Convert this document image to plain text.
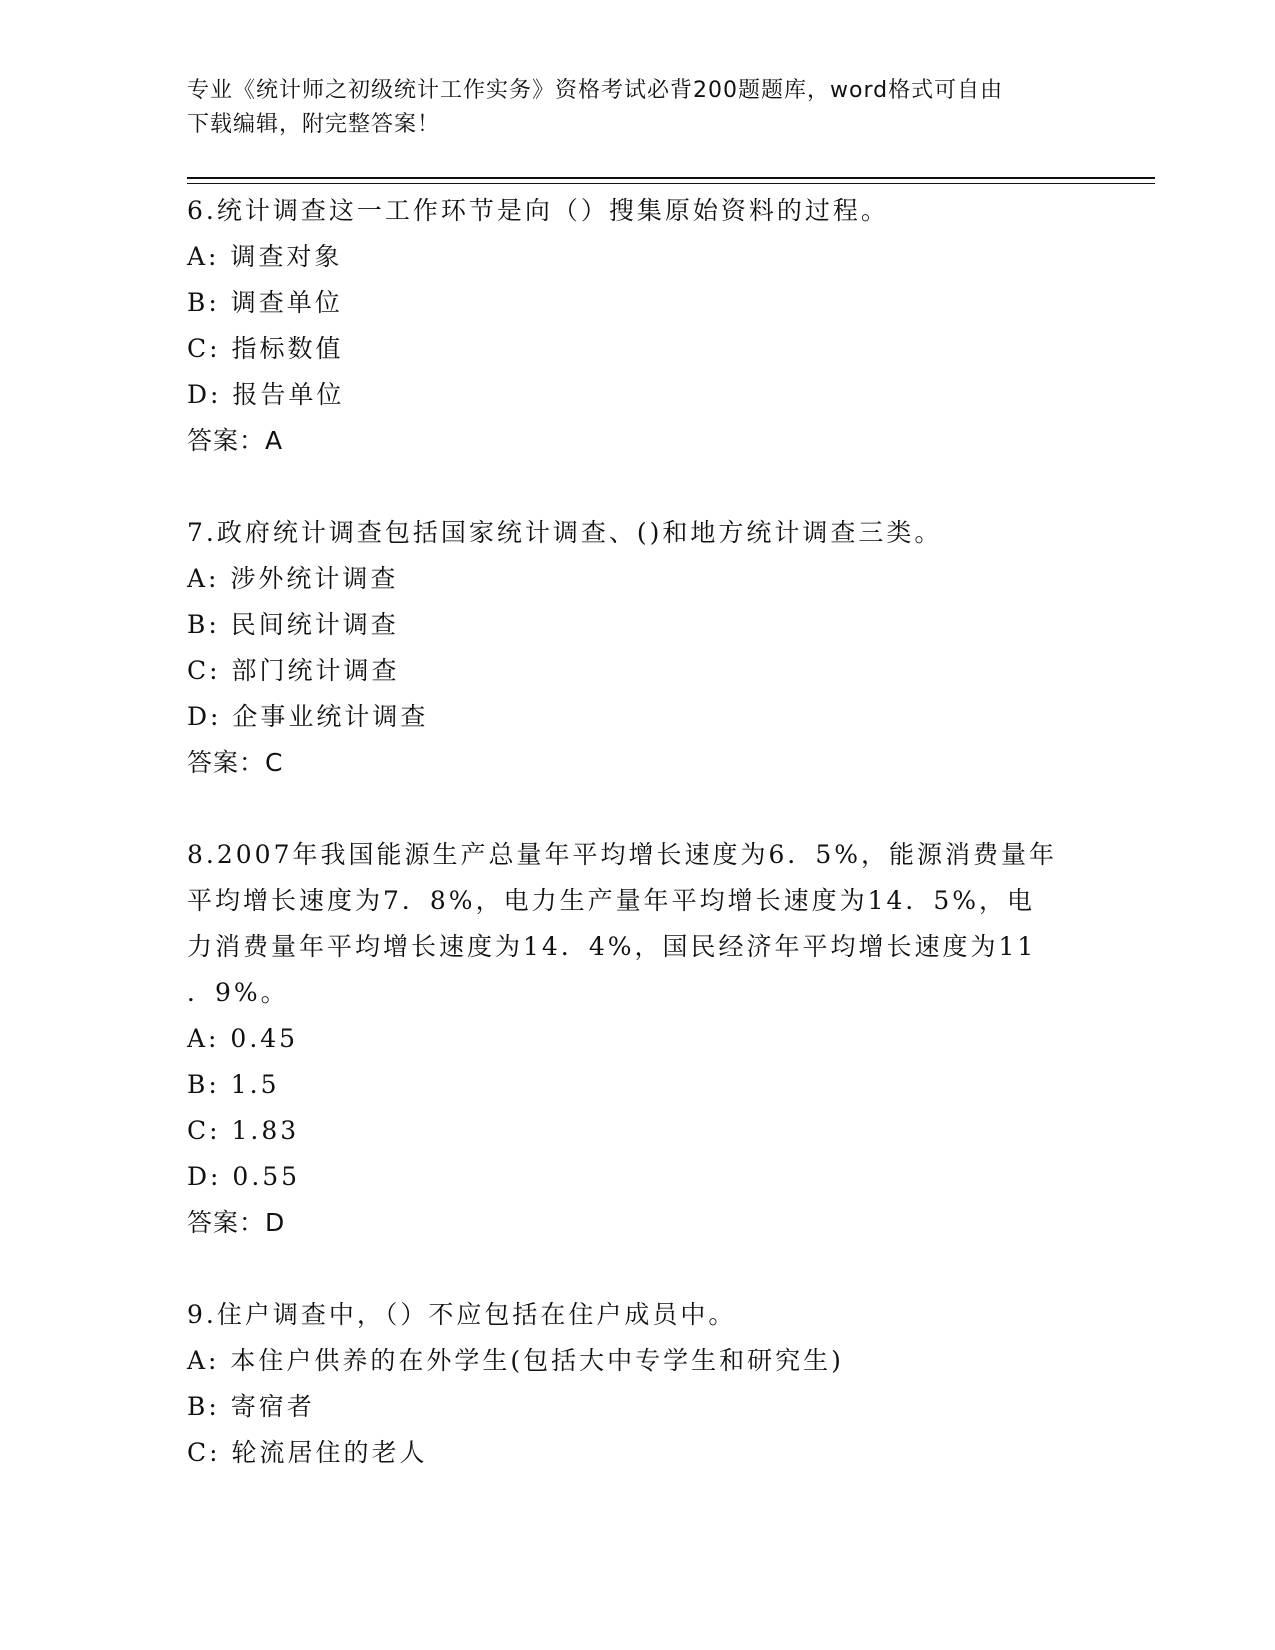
专业《统计师之初级统计工作实务》资格考试必背200题题库，word格式可自由
下载编辑，附完整答案！
6.统计调查这一工作环节是向（）搜集原始资料的过程。
A: 调查对象
B: 调查单位
C: 指标数值
D: 报告单位
答案：A
7.政府统计调查包括国家统计调查、()和地方统计调查三类。
A: 涉外统计调查
B: 民间统计调查
C: 部门统计调查
D: 企事业统计调查
答案：C
8.2007年我国能源生产总量年平均增长速度为6．5%，能源消费量年
平均增长速度为7．8%，电力生产量年平均增长速度为14．5%，电
力消费量年平均增长速度为14．4%，国民经济年平均增长速度为11
．9%。
A: 0.45
B: 1.5
C: 1.83
D: 0.55
答案：D
9.住户调查中，（）不应包括在住户成员中。
A: 本住户供养的在外学生(包括大中专学生和研究生)
B: 寄宿者
C: 轮流居住的老人
